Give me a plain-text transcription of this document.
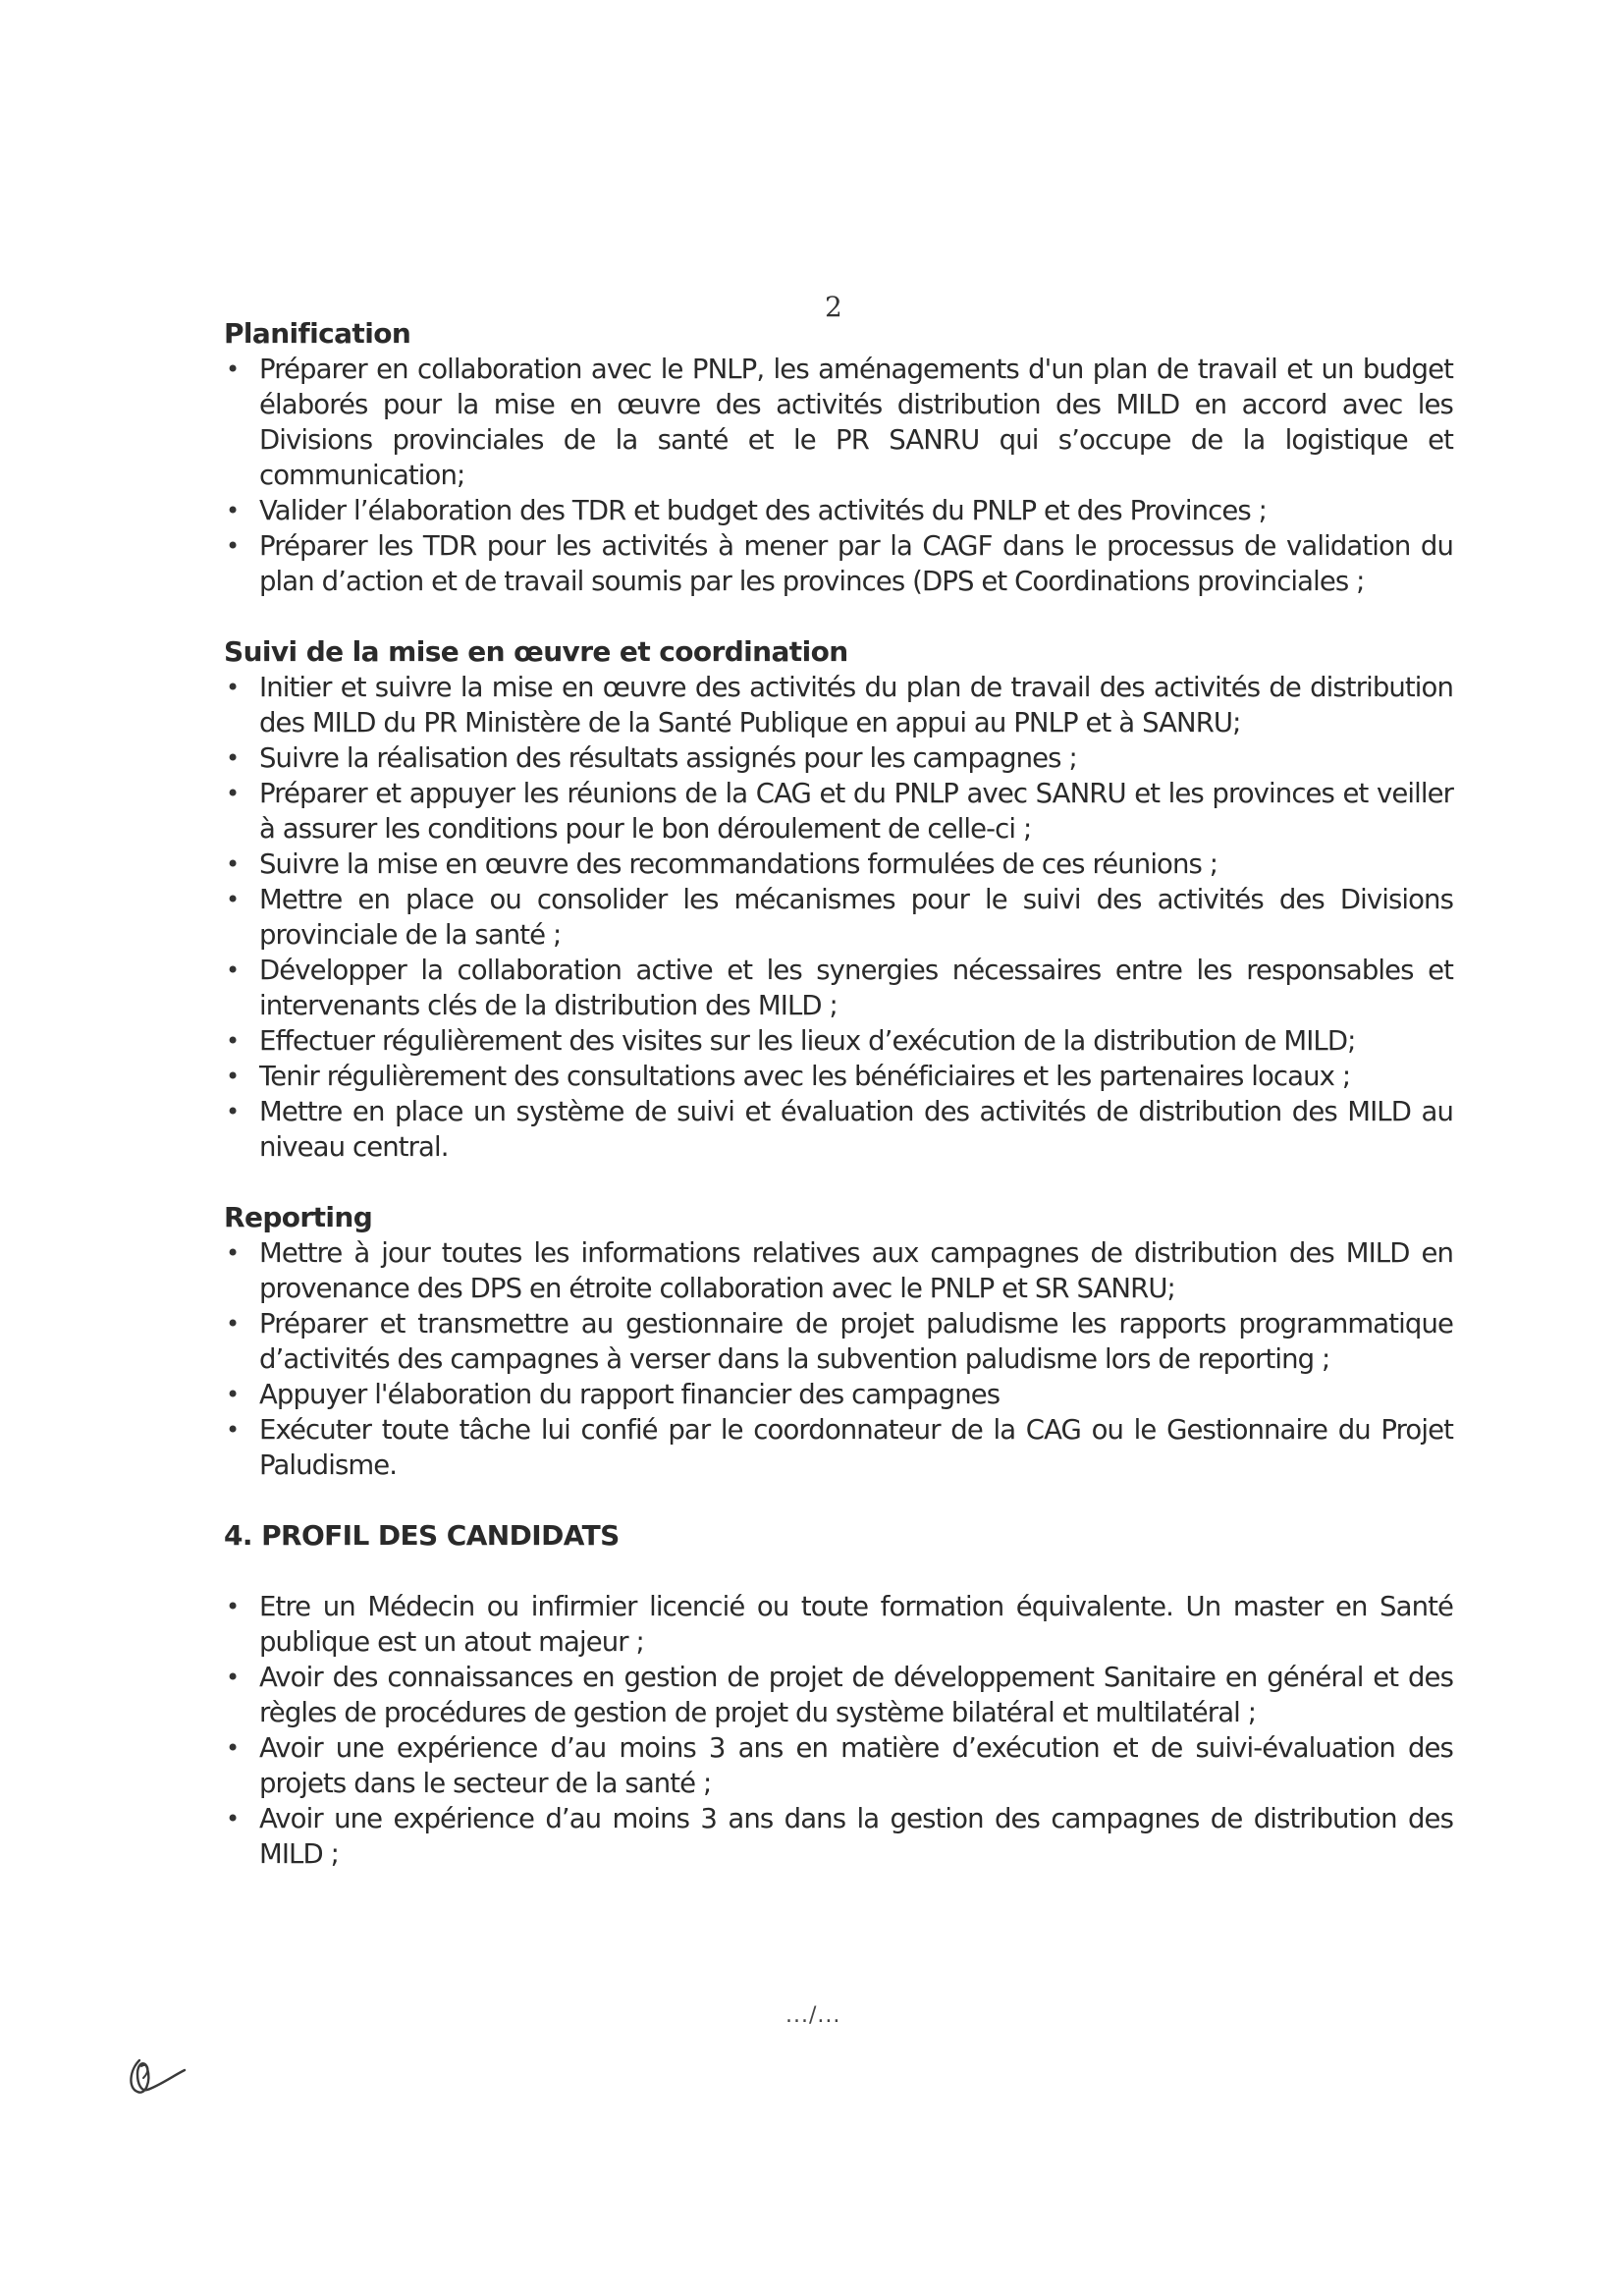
2
Planification
• Préparer en collaboration avec le PNLP, les aménagements d'un plan de travail et un budget élaborés pour la mise en œuvre des activités distribution des MILD en accord avec les Divisions provinciales de la santé et le PR SANRU qui s’occupe de la logistique et communication;
• Valider l’élaboration des TDR et budget des activités du PNLP et des Provinces ;
• Préparer les TDR pour les activités à mener par la CAGF dans le processus de validation du plan d’action et de travail soumis par les provinces (DPS et Coordinations provinciales ;
Suivi de la mise en œuvre et coordination
• Initier et suivre la mise en œuvre des activités du plan de travail des activités de distribution des MILD du PR Ministère de la Santé Publique en appui au PNLP et à SANRU;
• Suivre la réalisation des résultats assignés pour les campagnes ;
• Préparer et appuyer les réunions de la CAG et du PNLP avec SANRU et les provinces et veiller à assurer les conditions pour le bon déroulement de celle-ci ;
• Suivre la mise en œuvre des recommandations formulées de ces réunions ;
• Mettre en place ou consolider les mécanismes pour le suivi des activités des Divisions provinciale de la santé ;
• Développer la collaboration active et les synergies nécessaires entre les responsables et intervenants clés de la distribution des MILD ;
• Effectuer régulièrement des visites sur les lieux d’exécution de la distribution de MILD;
• Tenir régulièrement des consultations avec les bénéficiaires et les partenaires locaux ;
• Mettre en place un système de suivi et évaluation des activités de distribution des MILD au niveau central.
Reporting
• Mettre à jour toutes les informations relatives aux campagnes de distribution des MILD en provenance des DPS en étroite collaboration avec le PNLP et SR SANRU;
• Préparer et transmettre au gestionnaire de projet paludisme les rapports programmatique d’activités des campagnes à verser dans la subvention paludisme lors de reporting ;
• Appuyer l'élaboration du rapport financier des campagnes
• Exécuter toute tâche lui confié par le coordonnateur de la CAG ou le Gestionnaire du Projet Paludisme.
4. PROFIL DES CANDIDATS
• Etre un Médecin ou infirmier licencié ou toute formation équivalente. Un master en Santé publique est un atout majeur ;
• Avoir des connaissances en gestion de projet de développement Sanitaire en général et des règles de procédures de gestion de projet du système bilatéral et multilatéral ;
• Avoir une expérience d’au moins 3 ans en matière d’exécution et de suivi-évaluation des projets dans le secteur de la santé ;
• Avoir une expérience d’au moins 3 ans dans la gestion des campagnes de distribution des MILD ;
.../...
